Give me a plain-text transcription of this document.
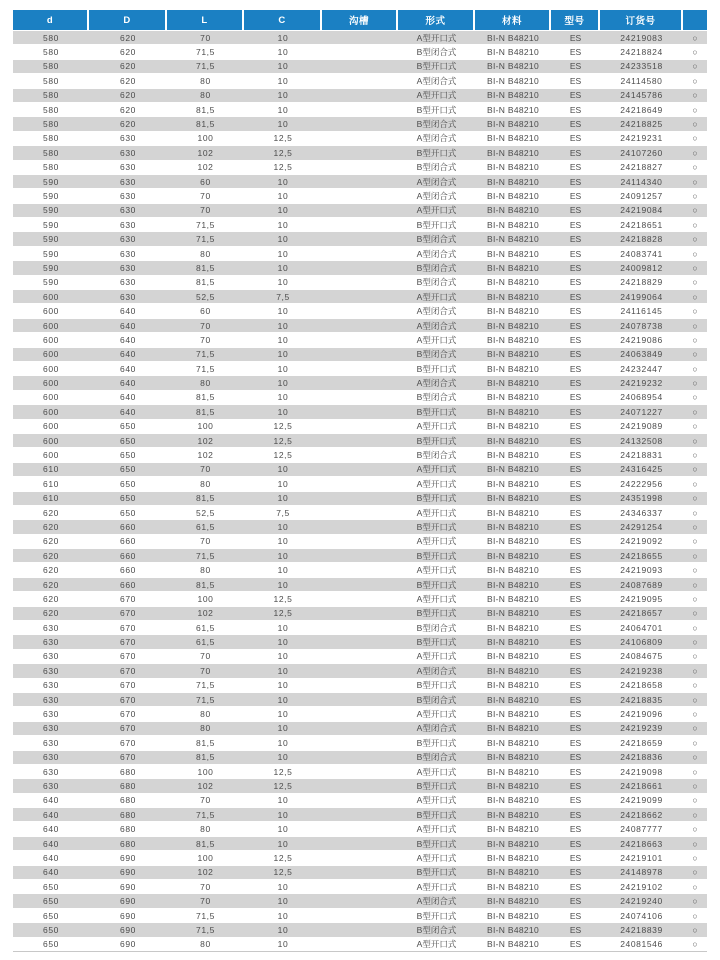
d	D	L	C	沟槽	形式	材料	型号	订货号	
580	620	70	10		A型开口式	BI-N B48210	ES	24219083	○
580	620	71,5	10		B型闭合式	BI-N B48210	ES	24218824	○
580	620	71,5	10		B型开口式	BI-N B48210	ES	24233518	○
580	620	80	10		A型闭合式	BI-N B48210	ES	24114580	○
580	620	80	10		A型开口式	BI-N B48210	ES	24145786	○
580	620	81,5	10		B型开口式	BI-N B48210	ES	24218649	○
580	620	81,5	10		B型闭合式	BI-N B48210	ES	24218825	○
580	630	100	12,5		A型闭合式	BI-N B48210	ES	24219231	○
580	630	102	12,5		B型开口式	BI-N B48210	ES	24107260	○
580	630	102	12,5		B型闭合式	BI-N B48210	ES	24218827	○
590	630	60	10		A型闭合式	BI-N B48210	ES	24114340	○
590	630	70	10		A型闭合式	BI-N B48210	ES	24091257	○
590	630	70	10		A型开口式	BI-N B48210	ES	24219084	○
590	630	71,5	10		B型开口式	BI-N B48210	ES	24218651	○
590	630	71,5	10		B型闭合式	BI-N B48210	ES	24218828	○
590	630	80	10		A型闭合式	BI-N B48210	ES	24083741	○
590	630	81,5	10		B型闭合式	BI-N B48210	ES	24009812	○
590	630	81,5	10		B型闭合式	BI-N B48210	ES	24218829	○
600	630	52,5	7,5		A型开口式	BI-N B48210	ES	24199064	○
600	640	60	10		A型闭合式	BI-N B48210	ES	24116145	○
600	640	70	10		A型闭合式	BI-N B48210	ES	24078738	○
600	640	70	10		A型开口式	BI-N B48210	ES	24219086	○
600	640	71,5	10		B型闭合式	BI-N B48210	ES	24063849	○
600	640	71,5	10		B型开口式	BI-N B48210	ES	24232447	○
600	640	80	10		A型闭合式	BI-N B48210	ES	24219232	○
600	640	81,5	10		B型闭合式	BI-N B48210	ES	24068954	○
600	640	81,5	10		B型开口式	BI-N B48210	ES	24071227	○
600	650	100	12,5		A型开口式	BI-N B48210	ES	24219089	○
600	650	102	12,5		B型开口式	BI-N B48210	ES	24132508	○
600	650	102	12,5		B型闭合式	BI-N B48210	ES	24218831	○
610	650	70	10		A型开口式	BI-N B48210	ES	24316425	○
610	650	80	10		A型开口式	BI-N B48210	ES	24222956	○
610	650	81,5	10		B型开口式	BI-N B48210	ES	24351998	○
620	650	52,5	7,5		A型开口式	BI-N B48210	ES	24346337	○
620	660	61,5	10		B型开口式	BI-N B48210	ES	24291254	○
620	660	70	10		A型开口式	BI-N B48210	ES	24219092	○
620	660	71,5	10		B型开口式	BI-N B48210	ES	24218655	○
620	660	80	10		A型开口式	BI-N B48210	ES	24219093	○
620	660	81,5	10		B型开口式	BI-N B48210	ES	24087689	○
620	670	100	12,5		A型开口式	BI-N B48210	ES	24219095	○
620	670	102	12,5		B型开口式	BI-N B48210	ES	24218657	○
630	670	61,5	10		B型闭合式	BI-N B48210	ES	24064701	○
630	670	61,5	10		B型开口式	BI-N B48210	ES	24106809	○
630	670	70	10		A型开口式	BI-N B48210	ES	24084675	○
630	670	70	10		A型闭合式	BI-N B48210	ES	24219238	○
630	670	71,5	10		B型开口式	BI-N B48210	ES	24218658	○
630	670	71,5	10		B型闭合式	BI-N B48210	ES	24218835	○
630	670	80	10		A型开口式	BI-N B48210	ES	24219096	○
630	670	80	10		A型闭合式	BI-N B48210	ES	24219239	○
630	670	81,5	10		B型开口式	BI-N B48210	ES	24218659	○
630	670	81,5	10		B型闭合式	BI-N B48210	ES	24218836	○
630	680	100	12,5		A型开口式	BI-N B48210	ES	24219098	○
630	680	102	12,5		B型开口式	BI-N B48210	ES	24218661	○
640	680	70	10		A型开口式	BI-N B48210	ES	24219099	○
640	680	71,5	10		B型开口式	BI-N B48210	ES	24218662	○
640	680	80	10		A型开口式	BI-N B48210	ES	24087777	○
640	680	81,5	10		B型开口式	BI-N B48210	ES	24218663	○
640	690	100	12,5		A型开口式	BI-N B48210	ES	24219101	○
640	690	102	12,5		B型开口式	BI-N B48210	ES	24148978	○
650	690	70	10		A型开口式	BI-N B48210	ES	24219102	○
650	690	70	10		A型闭合式	BI-N B48210	ES	24219240	○
650	690	71,5	10		B型开口式	BI-N B48210	ES	24074106	○
650	690	71,5	10		B型闭合式	BI-N B48210	ES	24218839	○
650	690	80	10		A型开口式	BI-N B48210	ES	24081546	○
